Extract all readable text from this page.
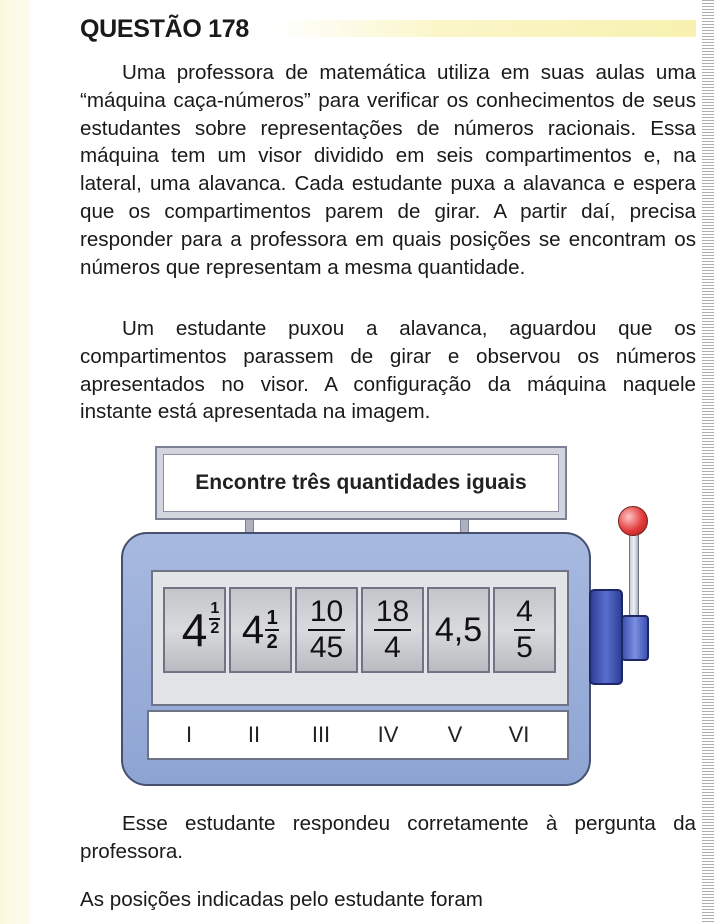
QUESTÃO 178
Uma professora de matemática utiliza em suas aulas uma “máquina caça-números” para verificar os conhecimentos de seus estudantes sobre representações de números racionais. Essa máquina tem um visor dividido em seis compartimentos e, na lateral, uma alavanca. Cada estudante puxa a alavanca e espera que os compartimentos parem de girar. A partir daí, precisa responder para a professora em quais posições se encontram os números que representam a mesma quantidade.
Um estudante puxou a alavanca, aguardou que os compartimentos parassem de girar e observou os números apresentados no visor. A configuração da máquina naquele instante está apresentada na imagem.
Encontre três quantidades iguais
4 1
2 4 1
$2 \frac{10}{45} \frac{18}{4} 4,5 \frac{4}{5}$
I	II	III	IV	V	VI
Esse estudante respondeu corretamente à pergunta da professora.
As posições indicadas pelo estudante foram
